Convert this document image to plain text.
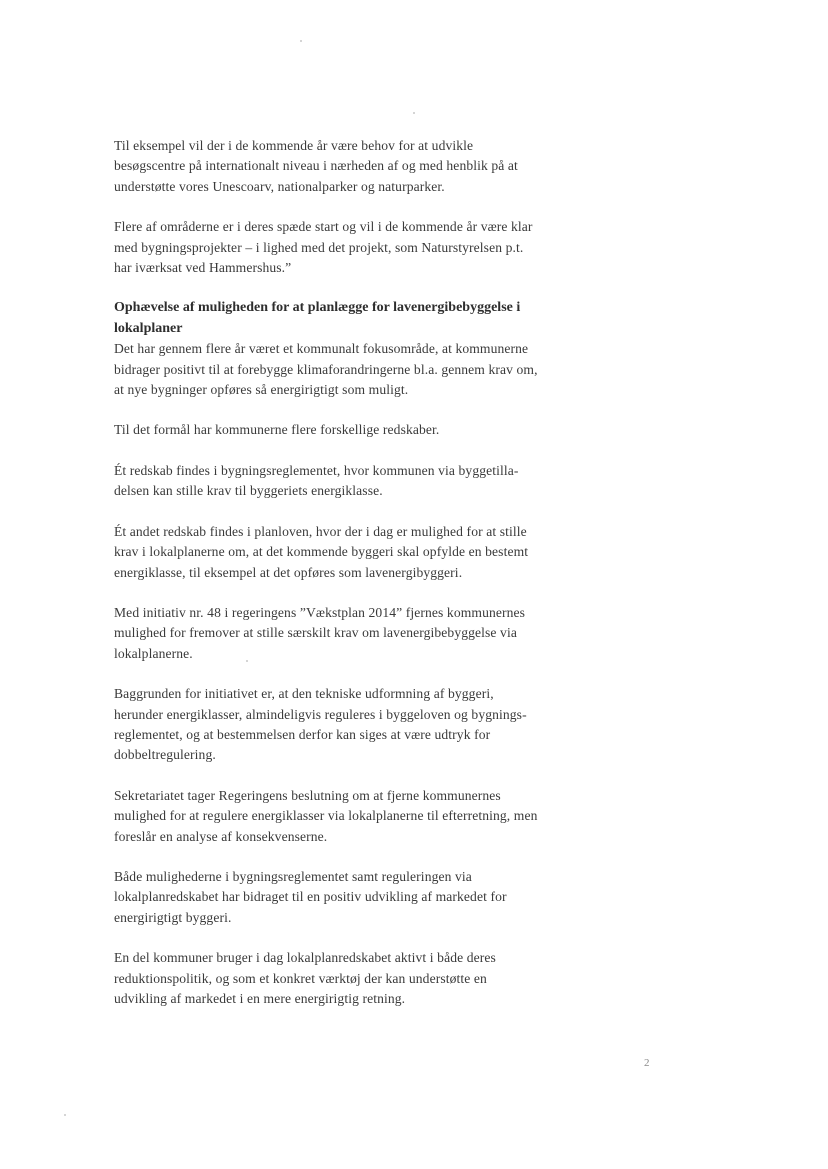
Til eksempel vil der i de kommende år være behov for at udvikle
besøgscentre på internationalt niveau i nærheden af og med henblik på at
understøtte vores Unescoarv, nationalparker og naturparker.
Flere af områderne er i deres spæde start og vil i de kommende år være klar
med bygningsprojekter – i lighed med det projekt, som Naturstyrelsen p.t.
har iværksat ved Hammershus.”
Ophævelse af muligheden for at planlægge for lavenergibebyggelse i
lokalplaner
Det har gennem flere år været et kommunalt fokusområde, at kommunerne
bidrager positivt til at forebygge klimaforandringerne bl.a. gennem krav om,
at nye bygninger opføres så energirigtigt som muligt.
Til det formål har kommunerne flere forskellige redskaber.
Ét redskab findes i bygningsreglementet, hvor kommunen via byggetilla-
delsen kan stille krav til byggeriets energiklasse.
Ét andet redskab findes i planloven, hvor der i dag er mulighed for at stille
krav i lokalplanerne om, at det kommende byggeri skal opfylde en bestemt
energiklasse, til eksempel at det opføres som lavenergibyggeri.
Med initiativ nr. 48 i regeringens ”Vækstplan 2014” fjernes kommunernes
mulighed for fremover at stille særskilt krav om lavenergibebyggelse via
lokalplanerne.
Baggrunden for initiativet er, at den tekniske udformning af byggeri,
herunder energiklasser, almindeligvis reguleres i byggeloven og bygnings-
reglementet, og at bestemmelsen derfor kan siges at være udtryk for
dobbeltregulering.
Sekretariatet tager Regeringens beslutning om at fjerne kommunernes
mulighed for at regulere energiklasser via lokalplanerne til efterretning, men
foreslår en analyse af konsekvenserne.
Både mulighederne i bygningsreglementet samt reguleringen via
lokalplanredskabet har bidraget til en positiv udvikling af markedet for
energirigtigt byggeri.
En del kommuner bruger i dag lokalplanredskabet aktivt i både deres
reduktionspolitik, og som et konkret værktøj der kan understøtte en
udvikling af markedet i en mere energirigtig retning.
2
